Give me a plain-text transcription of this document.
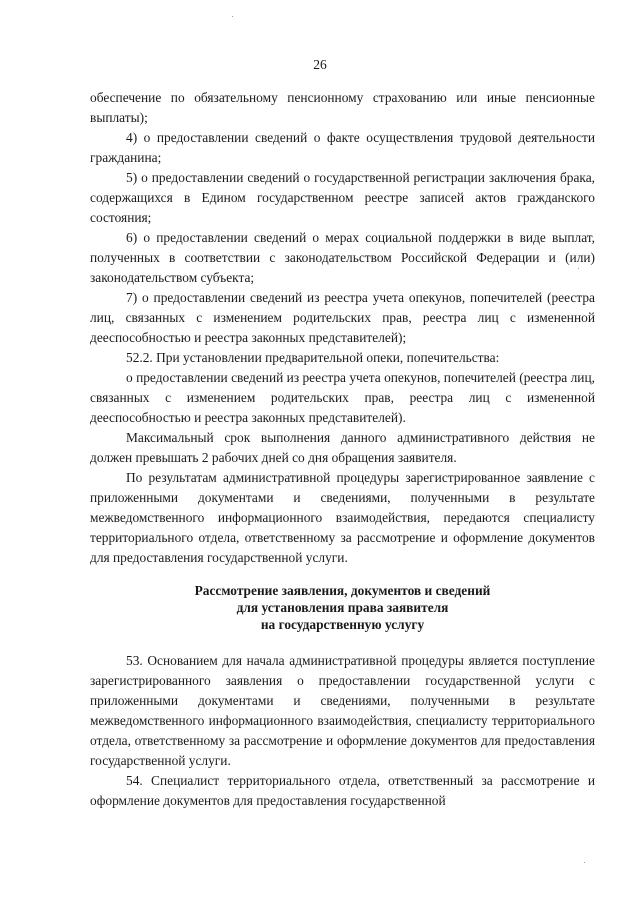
26

обеспечение по обязательному пенсионному страхованию или иные пенсионные выплаты);

4) о предоставлении сведений о факте осуществления трудовой деятельности гражданина;

5) о предоставлении сведений о государственной регистрации заключения брака, содержащихся в Едином государственном реестре записей актов гражданского состояния;

6) о предоставлении сведений о мерах социальной поддержки в виде выплат, полученных в соответствии с законодательством Российской Федерации и (или) законодательством субъекта;

7) о предоставлении сведений из реестра учета опекунов, попечителей (реестра лиц, связанных с изменением родительских прав, реестра лиц с измененной дееспособностью и реестра законных представителей);

52.2. При установлении предварительной опеки, попечительства:

о предоставлении сведений из реестра учета опекунов, попечителей (реестра лиц, связанных с изменением родительских прав, реестра лиц с измененной дееспособностью и реестра законных представителей).

Максимальный срок выполнения данного административного действия не должен превышать 2 рабочих дней со дня обращения заявителя.

По результатам административной процедуры зарегистрированное заявление с приложенными документами и сведениями, полученными в результате межведомственного информационного взаимодействия, передаются специалисту территориального отдела, ответственному за рассмотрение и оформление документов для предоставления государственной услуги.

Рассмотрение заявления, документов и сведений
для установления права заявителя
на государственную услугу

53. Основанием для начала административной процедуры является поступление зарегистрированного заявления о предоставлении государственной услуги с приложенными документами и сведениями, полученными в результате межведомственного информационного взаимодействия, специалисту территориального отдела, ответственному за рассмотрение и оформление документов для предоставления государственной услуги.

54. Специалист территориального отдела, ответственный за рассмотрение и оформление документов для предоставления государственной
